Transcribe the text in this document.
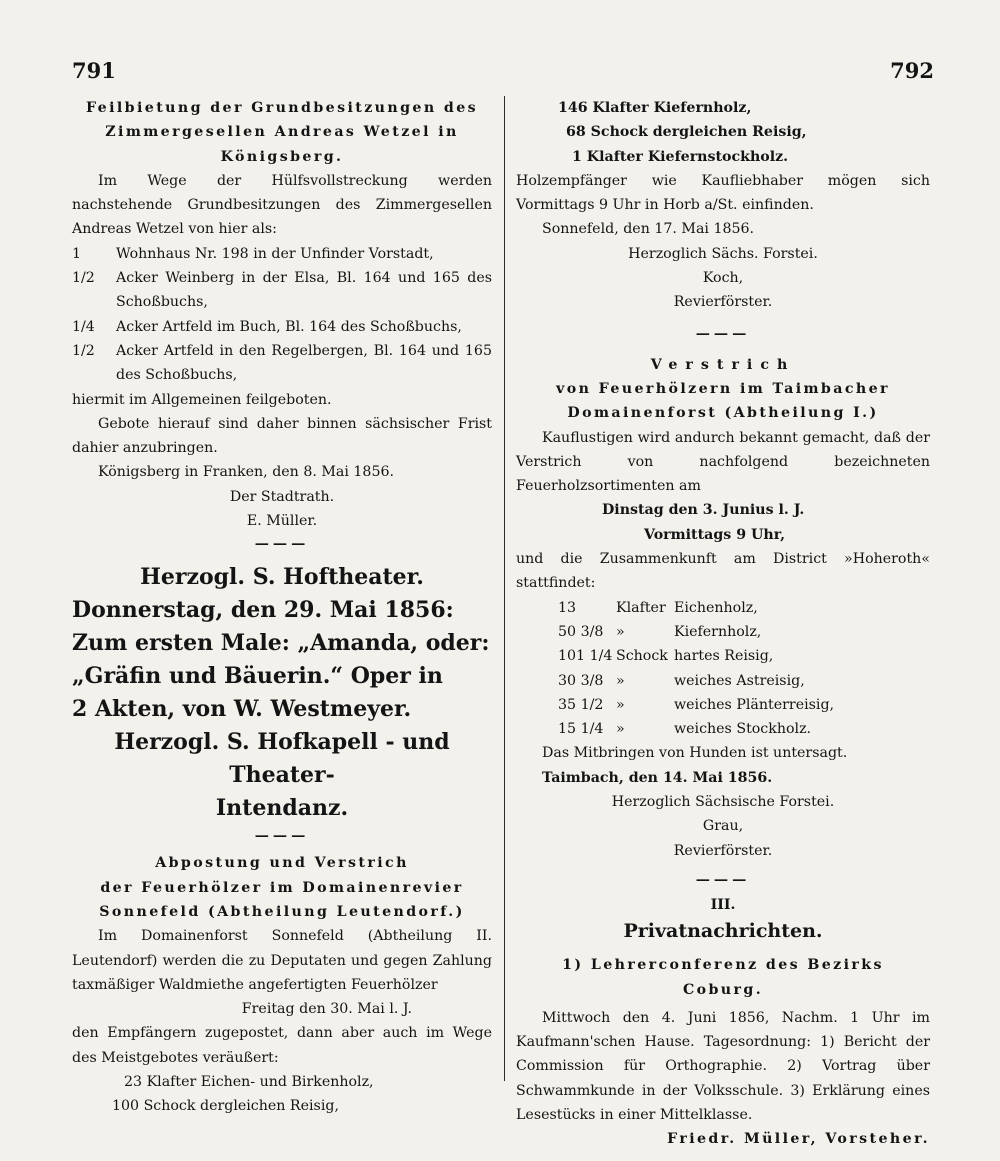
791	792

Feilbietung der Grundbesitzungen des Zimmergesellen Andreas Wetzel in Königsberg.

Im Wege der Hülfsvollstreckung werden nachstehende Grundbesitzungen des Zimmergesellen Andreas Wetzel von hier als:

1	Wohnhaus Nr. 198 in der Unfinder Vorstadt,
1/2	Acker Weinberg in der Elsa, Bl. 164 und 165 des Schoßbuchs,
1/4	Acker Artfeld im Buch, Bl. 164 des Schoßbuchs,
1/2	Acker Artfeld in den Regelbergen, Bl. 164 und 165 des Schoßbuchs,

hiermit im Allgemeinen feilgeboten.

Gebote hierauf sind daher binnen sächsischer Frist dahier anzubringen.

Königsberg in Franken, den 8. Mai 1856.

Der Stadtrath.

E. Müller.

———

Herzogl. S. Hoftheater.

Donnerstag, den 29. Mai 1856:

Zum ersten Male: „Amanda, oder:

„Gräfin und Bäuerin.“ Oper in

2 Akten, von W. Westmeyer.

Herzogl. S. Hofkapell - und Theater-

Intendanz.

———

Abpostung und Verstrich

der Feuerhölzer im Domainenrevier

Sonnefeld (Abtheilung Leutendorf.)

Im Domainenforst Sonnefeld (Abtheilung II. Leutendorf) werden die zu Deputaten und gegen Zahlung taxmäßiger Waldmiethe angefertigten Feuerhölzer

Freitag den 30. Mai l. J.

den Empfängern zugepostet, dann aber auch im Wege des Meistgebotes veräußert:

23 Klafter Eichen- und Birkenholz,

100 Schock dergleichen Reisig,

146 Klafter Kiefernholz,

68 Schock dergleichen Reisig,

1 Klafter Kiefernstockholz.

Holzempfänger wie Kaufliebhaber mögen sich Vormittags 9 Uhr in Horb a/St. einfinden.

Sonnefeld, den 17. Mai 1856.

Herzoglich Sächs. Forstei.

Koch,

Revierförster.

———

Verstrich

von Feuerhölzern im Taimbacher Domainenforst (Abtheilung I.)

Kauflustigen wird andurch bekannt gemacht, daß der Verstrich von nachfolgend bezeichneten Feuerholzsortimenten am

Dinstag den 3. Junius l. J.

Vormittags 9 Uhr,

und die Zusammenkunft am District »Hoheroth« stattfindet:

13	Klafter Eichenholz,
50 3/8 »	Kiefernholz,
101 1/4 Schock hartes Reisig,
30 3/8 »	weiches Astreisig,
35 1/2 »	weiches Plänterreisig,
15 1/4 »	weiches Stockholz.

Das Mitbringen von Hunden ist untersagt.

Taimbach, den 14. Mai 1856.

Herzoglich Sächsische Forstei.

Grau,

Revierförster.

———

III.

Privatnachrichten.

1) Lehrerconferenz des Bezirks

Coburg.

Mittwoch den 4. Juni 1856, Nachm. 1 Uhr im Kaufmann'schen Hause. Tagesordnung: 1) Bericht der Commission für Orthographie. 2) Vortrag über Schwammkunde in der Volksschule. 3) Erklärung eines Lesestücks in einer Mittelklasse.

Friedr. Müller, Vorsteher.
